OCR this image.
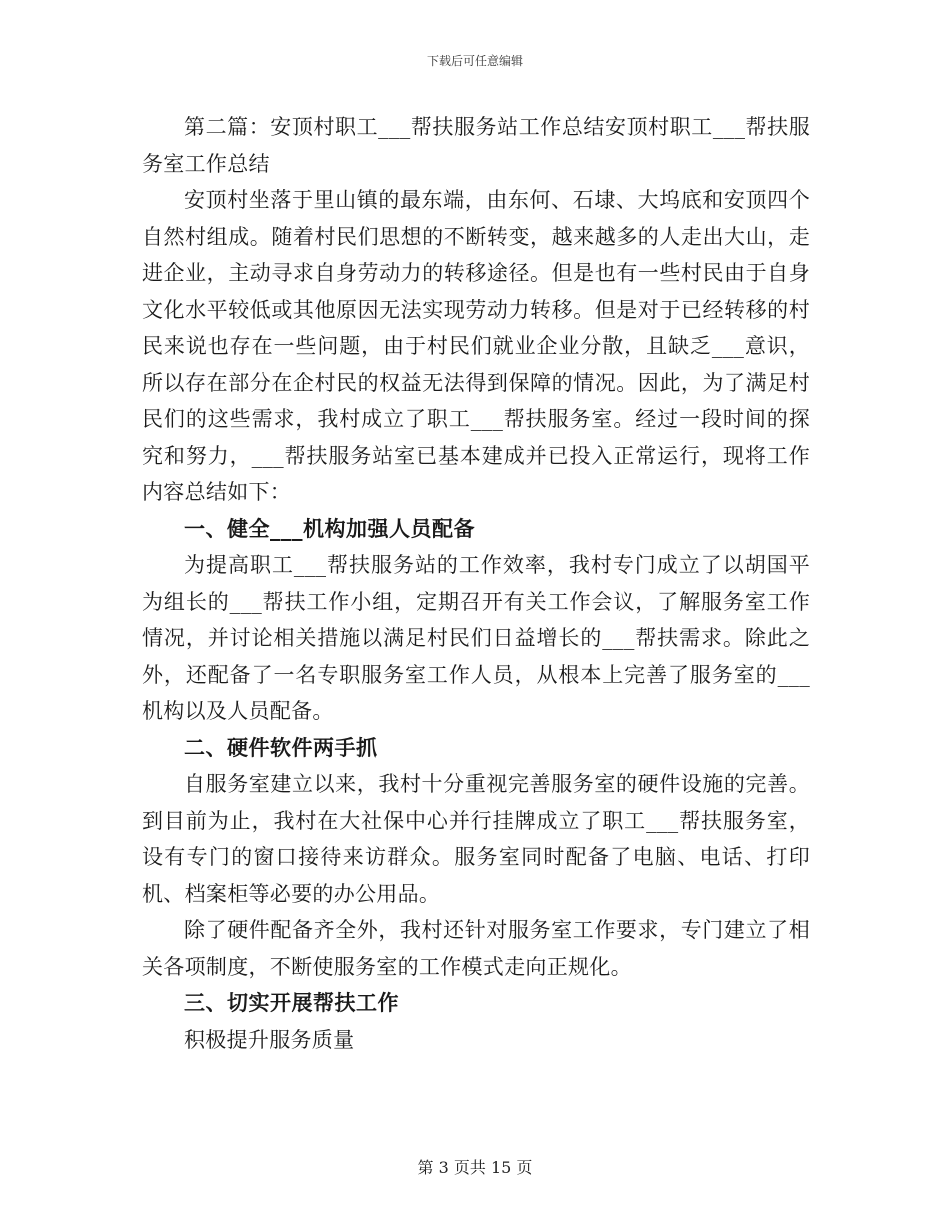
下载后可任意编辑

第二篇：安顶村职工___帮扶服务站工作总结安顶村职工___帮扶服务室工作总结

安顶村坐落于里山镇的最东端，由东何、石埭、大坞底和安顶四个自然村组成。随着村民们思想的不断转变，越来越多的人走出大山，走进企业，主动寻求自身劳动力的转移途径。但是也有一些村民由于自身文化水平较低或其他原因无法实现劳动力转移。但是对于已经转移的村民来说也存在一些问题，由于村民们就业企业分散，且缺乏___意识，所以存在部分在企村民的权益无法得到保障的情况。因此，为了满足村民们的这些需求，我村成立了职工___帮扶服务室。经过一段时间的探究和努力，___帮扶服务站室已基本建成并已投入正常运行，现将工作内容总结如下：

一、健全___机构加强人员配备

为提高职工___帮扶服务站的工作效率，我村专门成立了以胡国平为组长的___帮扶工作小组，定期召开有关工作会议，了解服务室工作情况，并讨论相关措施以满足村民们日益增长的___帮扶需求。除此之外，还配备了一名专职服务室工作人员，从根本上完善了服务室的___机构以及人员配备。

二、硬件软件两手抓

自服务室建立以来，我村十分重视完善服务室的硬件设施的完善。到目前为止，我村在大社保中心并行挂牌成立了职工___帮扶服务室，设有专门的窗口接待来访群众。服务室同时配备了电脑、电话、打印机、档案柜等必要的办公用品。

除了硬件配备齐全外，我村还针对服务室工作要求，专门建立了相关各项制度，不断使服务室的工作模式走向正规化。

三、切实开展帮扶工作

积极提升服务质量

第 3 页共 15 页
